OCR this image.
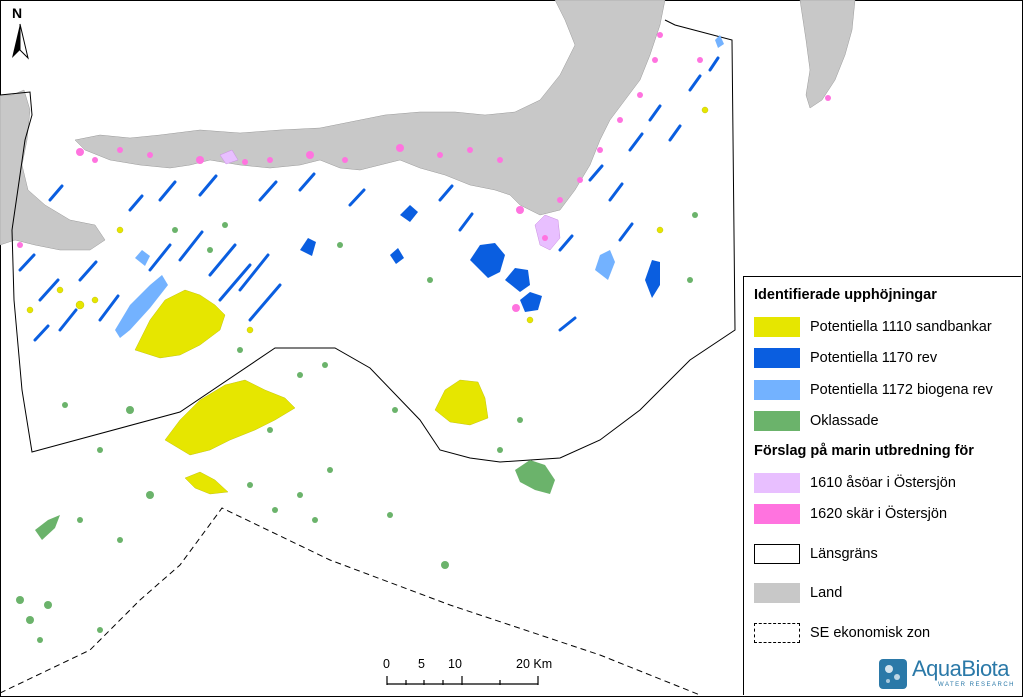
N
0 5 10	20 Km
Identifierade upphöjningar
Potentiella 1110 sandbankar
Potentiella 1170 rev
Potentiella 1172 biogena rev
Oklassade
Förslag på marin utbredning för
1610 åsöar i Östersjön
1620 skär i Östersjön
Länsgräns
Land
SE ekonomisk zon
AquaBiota
WATER RESEARCH
